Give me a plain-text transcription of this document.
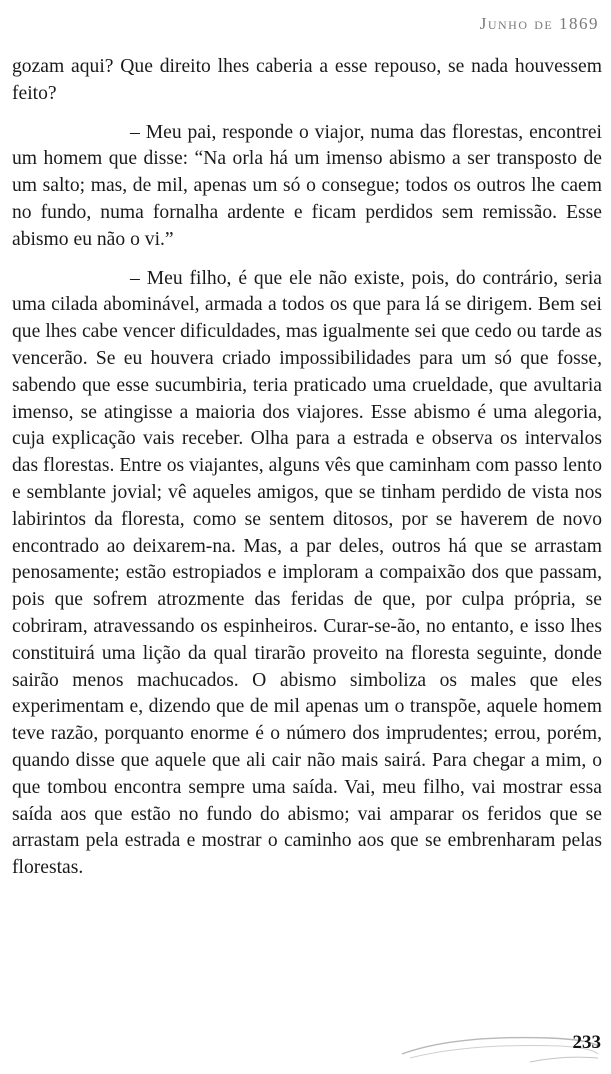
Junho de 1869

gozam aqui? Que direito lhes caberia a esse repouso, se nada houvessem feito?

– Meu pai, responde o viajor, numa das florestas, encontrei um homem que disse: “Na orla há um imenso abismo a ser transposto de um salto; mas, de mil, apenas um só o consegue; todos os outros lhe caem no fundo, numa fornalha ardente e ficam perdidos sem remissão. Esse abismo eu não o vi.”

– Meu filho, é que ele não existe, pois, do contrário, seria uma cilada abominável, armada a todos os que para lá se dirigem. Bem sei que lhes cabe vencer dificuldades, mas igualmente sei que cedo ou tarde as vencerão. Se eu houvera criado impossibilidades para um só que fosse, sabendo que esse sucumbiria, teria praticado uma crueldade, que avultaria imenso, se atingisse a maioria dos viajores. Esse abismo é uma alegoria, cuja explicação vais receber. Olha para a estrada e observa os intervalos das florestas. Entre os viajantes, alguns vês que caminham com passo lento e semblante jovial; vê aqueles amigos, que se tinham perdido de vista nos labirintos da floresta, como se sentem ditosos, por se haverem de novo encontrado ao deixarem-na. Mas, a par deles, outros há que se arrastam penosamente; estão estropiados e imploram a compaixão dos que passam, pois que sofrem atrozmente das feridas de que, por culpa própria, se cobriram, atravessando os espinheiros. Curar-se-ão, no entanto, e isso lhes constituirá uma lição da qual tirarão proveito na floresta seguinte, donde sairão menos machucados. O abismo simboliza os males que eles experimentam e, dizendo que de mil apenas um o transpõe, aquele homem teve razão, porquanto enorme é o número dos imprudentes; errou, porém, quando disse que aquele que ali cair não mais sairá. Para chegar a mim, o que tombou encontra sempre uma saída. Vai, meu filho, vai mostrar essa saída aos que estão no fundo do abismo; vai amparar os feridos que se arrastam pela estrada e mostrar o caminho aos que se embrenharam pelas florestas.

233
